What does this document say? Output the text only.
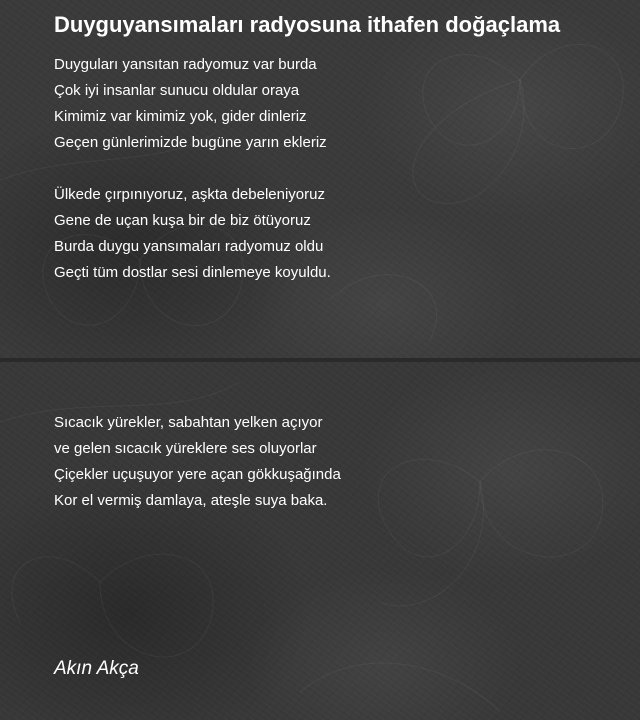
Duyguyansımaları radyosuna ithafen doğaçlama
Duyguları yansıtan radyomuz var burda
Çok iyi insanlar sunucu oldular oraya
Kimimiz var kimimiz yok, gider dinleriz
Geçen günlerimizde bugüne yarın ekleriz
Ülkede çırpınıyoruz, aşkta debeleniyoruz
Gene de uçan kuşa bir de biz ötüyoruz
Burda duygu yansımaları radyomuz oldu
Geçti tüm dostlar sesi dinlemeye koyuldu.
Sıcacık yürekler, sabahtan yelken açıyor
ve gelen sıcacık yüreklere ses oluyorlar
Çiçekler uçuşuyor yere açan gökkuşağında
Kor el vermiş damlaya, ateşle suya baka.

Akın Akça
